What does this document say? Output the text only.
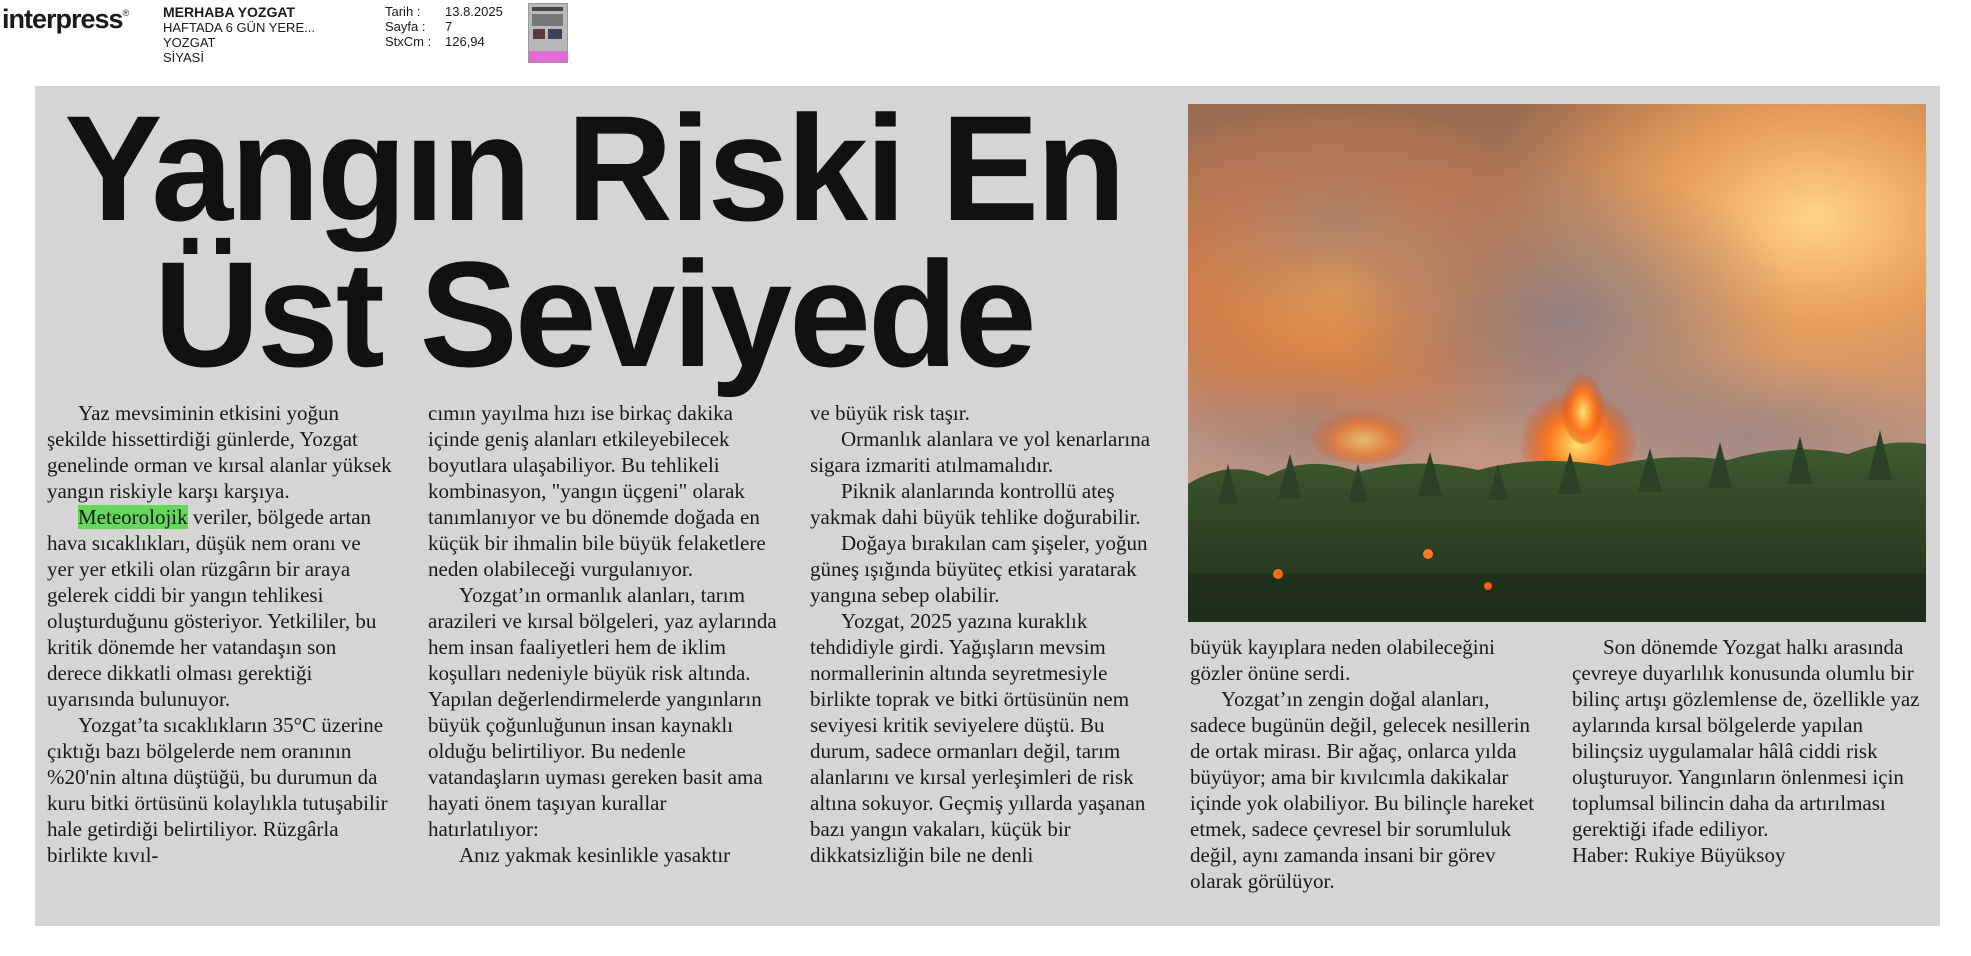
interpress® MERHABA YOZGAT
HAFTADA 6 GÜN YERE...
YOZGAT
SİYASİ
Tarih :	13.8.2025
Sayfa :	7
StxCm :	126,94
Yangın Riski En
Üst Seviyede

Yaz mevsiminin etkisini yoğun şekilde hissettirdiği günlerde, Yozgat genelinde orman ve kırsal alanlar yüksek yangın riskiyle karşı karşıya.

Meteorolojik veriler, bölgede artan hava sıcaklıkları, düşük nem oranı ve yer yer etkili olan rüzgârın bir araya gelerek ciddi bir yangın tehlikesi oluşturduğunu gösteriyor. Yetkililer, bu kritik dönemde her vatandaşın son derece dikkatli olması gerektiği uyarısında bulunuyor.

Yozgat’ta sıcaklıkların 35°C üzerine çıktığı bazı bölgelerde nem oranının %20'nin altına düştüğü, bu durumun da kuru bitki örtüsünü kolaylıkla tutuşabilir hale getirdiği belirtiliyor. Rüzgârla birlikte kıvıl-

cımın yayılma hızı ise birkaç dakika içinde geniş alanları etkileyebilecek boyutlara ulaşabiliyor. Bu tehlikeli kombinasyon, "yangın üçgeni" olarak tanımlanıyor ve bu dönemde doğada en küçük bir ihmalin bile büyük felaketlere neden olabileceği vurgulanıyor.

Yozgat’ın ormanlık alanları, tarım arazileri ve kırsal bölgeleri, yaz aylarında hem insan faaliyetleri hem de iklim koşulları nedeniyle büyük risk altında. Yapılan değerlendirmelerde yangınların büyük çoğunluğunun insan kaynaklı olduğu belirtiliyor. Bu nedenle vatandaşların uyması gereken basit ama hayati önem taşıyan kurallar hatırlatılıyor:

Anız yakmak kesinlikle yasaktır

ve büyük risk taşır.

Ormanlık alanlara ve yol kenarlarına sigara izmariti atılmamalıdır.

Piknik alanlarında kontrollü ateş yakmak dahi büyük tehlike doğurabilir.

Doğaya bırakılan cam şişeler, yoğun güneş ışığında büyüteç etkisi yaratarak yangına sebep olabilir.

Yozgat, 2025 yazına kuraklık tehdidiyle girdi. Yağışların mevsim normallerinin altında seyretmesiyle birlikte toprak ve bitki örtüsünün nem seviyesi kritik seviyelere düştü. Bu durum, sadece ormanları değil, tarım alanlarını ve kırsal yerleşimleri de risk altına sokuyor. Geçmiş yıllarda yaşanan bazı yangın vakaları, küçük bir dikkatsizliğin bile ne denli

büyük kayıplara neden olabileceğini gözler önüne serdi.

Yozgat’ın zengin doğal alanları, sadece bugünün değil, gelecek nesillerin de ortak mirası. Bir ağaç, onlarca yılda büyüyor; ama bir kıvılcımla dakikalar içinde yok olabiliyor. Bu bilinçle hareket etmek, sadece çevresel bir sorumluluk değil, aynı zamanda insani bir görev olarak görülüyor.

Son dönemde Yozgat halkı arasında çevreye duyarlılık konusunda olumlu bir bilinç artışı gözlemlense de, özellikle yaz aylarında kırsal bölgelerde yapılan bilinçsiz uygulamalar hâlâ ciddi risk oluşturuyor. Yangınların önlenmesi için toplumsal bilincin daha da artırılması gerektiği ifade ediliyor.

Haber: Rukiye Büyüksoy
